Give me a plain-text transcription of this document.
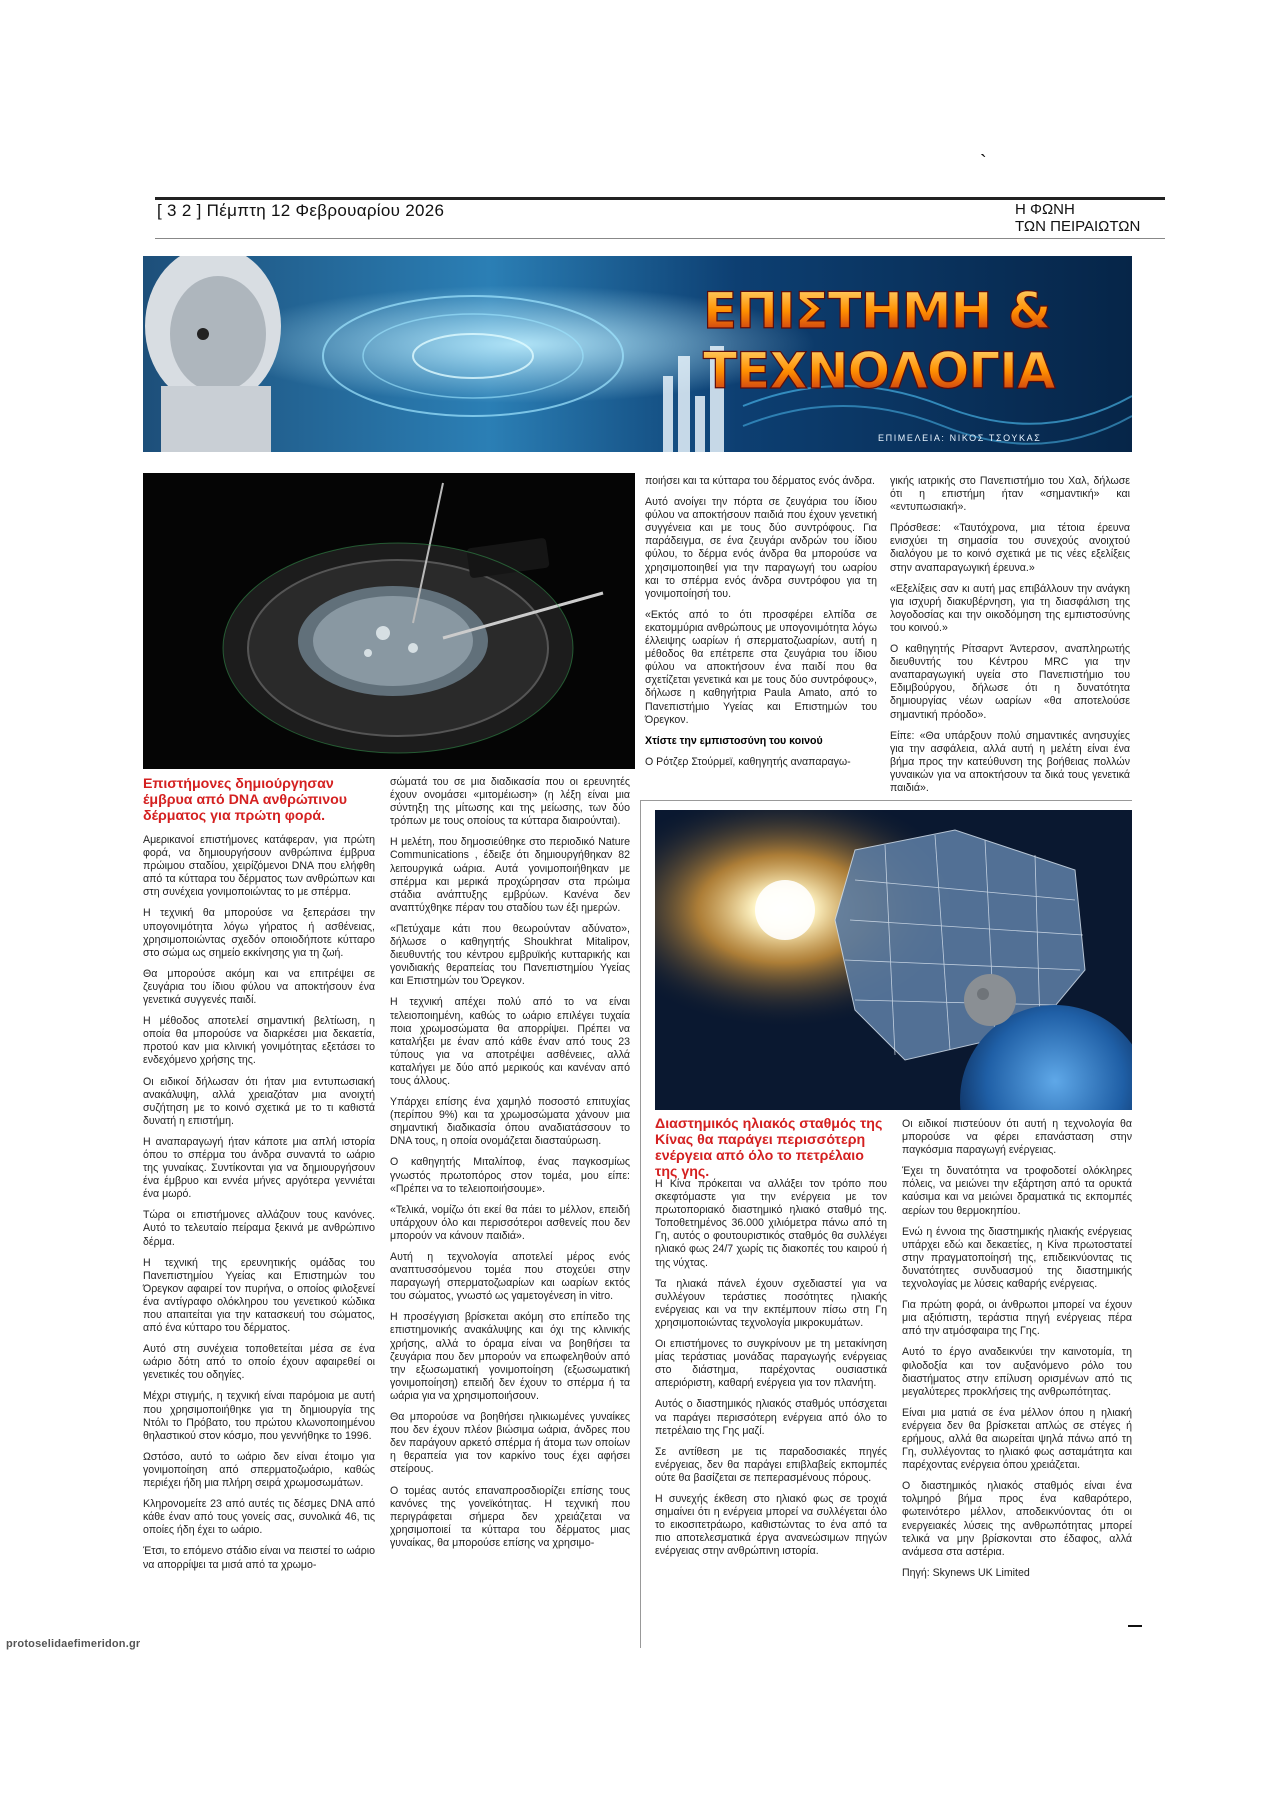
`
[ 3 2 ] Πέμπτη 12 Φεβρουαρίου 2026	Η ΦΩΝΗ
ΤΩΝ ΠΕΙΡΑΙΩΤΩΝ
ΕΠΙΣΤΗΜΗ &
ΤΕΧΝΟΛΟΓΙΑ
ΕΠΙΜΕΛΕΙΑ: ΝΙΚΟΣ ΤΣΟΥΚΑΣ
Επιστήμονες δημιούργησαν έμβρυα από DNA ανθρώπινου δέρματος για πρώτη φορά.

Αμερικανοί επιστήμονες κατάφεραν, για πρώτη φορά, να δημιουργήσουν ανθρώπινα έμβρυα πρώιμου σταδίου, χειρίζόμενοι DNA που ελήφθη από τα κύτταρα του δέρματος των ανθρώπων και στη συνέχεια γονιμοποιώντας το με σπέρμα.

Η τεχνική θα μπορούσε να ξεπεράσει την υπογονιμότητα λόγω γήρατος ή ασθένειας, χρησιμοποιώντας σχεδόν οποιοδήποτε κύτταρο στο σώμα ως σημείο εκκίνησης για τη ζωή.

Θα μπορούσε ακόμη και να επιτρέψει σε ζευγάρια του ίδιου φύλου να αποκτήσουν ένα γενετικά συγγενές παιδί.

Η μέθοδος αποτελεί σημαντική βελτίωση, η οποία θα μπορούσε να διαρκέσει μια δεκαετία, προτού καν μια κλινική γονιμότητας εξετάσει το ενδεχόμενο χρήσης της.

Οι ειδικοί δήλωσαν ότι ήταν μια εντυπωσιακή ανακάλυψη, αλλά χρειαζόταν μια ανοιχτή συζήτηση με το κοινό σχετικά με το τι καθιστά δυνατή η επιστήμη.

Η αναπαραγωγή ήταν κάποτε μια απλή ιστορία όπου το σπέρμα του άνδρα συναντά το ωάριο της γυναίκας. Συντίκονται για να δημιουργήσουν ένα έμβρυο και εννέα μήνες αργότερα γεννιέται ένα μωρό.

Τώρα οι επιστήμονες αλλάζουν τους κανόνες. Αυτό το τελευταίο πείραμα ξεκινά με ανθρώπινο δέρμα.

Η τεχνική της ερευνητικής ομάδας του Πανεπιστημίου Υγείας και Επιστημών του Όρεγκον αφαιρεί τον πυρήνα, ο οποίος φιλοξενεί ένα αντίγραφο ολόκληρου του γενετικού κώδικα που απαιτείται για την κατασκευή του σώματος, από ένα κύτταρο του δέρματος.

Αυτό στη συνέχεια τοποθετείται μέσα σε ένα ωάριο δότη από το οποίο έχουν αφαιρεθεί οι γενετικές του οδηγίες.

Μέχρι στιγμής, η τεχνική είναι παρόμοια με αυτή που χρησιμοποιήθηκε για τη δημιουργία της Ντόλι το Πρόβατο, του πρώτου κλωνοποιημένου θηλαστικού στον κόσμο, που γεννήθηκε το 1996.

Ωστόσο, αυτό το ωάριο δεν είναι έτοιμο για γονιμοποίηση από σπερματοζωάριο, καθώς περιέχει ήδη μια πλήρη σειρά χρωμοσωμάτων.

Κληρονομείτε 23 από αυτές τις δέσμες DNA από κάθε έναν από τους γονείς σας, συνολικά 46, τις οποίες ήδη έχει το ωάριο.

Έτσι, το επόμενο στάδιο είναι να πειστεί το ωάριο να απορρίψει τα μισά από τα χρωμο-

σώματά του σε μια διαδικασία που οι ερευνητές έχουν ονομάσει «μιτομέιωση» (η λέξη είναι μια σύντηξη της μίτωσης και της μείωσης, των δύο τρόπων με τους οποίους τα κύτταρα διαιρούνται).

Η μελέτη, που δημοσιεύθηκε στο περιοδικό Nature Communications , έδειξε ότι δημιουργήθηκαν 82 λειτουργικά ωάρια. Αυτά γονιμοποιήθηκαν με σπέρμα και μερικά προχώρησαν στα πρώιμα στάδια ανάπτυξης εμβρύων. Κανένα δεν αναπτύχθηκε πέραν του σταδίου των έξι ημερών.

«Πετύχαμε κάτι που θεωρούνταν αδύνατο», δήλωσε ο καθηγητής Shoukhrat Mitalipov, διευθυντής του κέντρου εμβρυϊκής κυτταρικής και γονιδιακής θεραπείας του Πανεπιστημίου Υγείας και Επιστημών του Όρεγκον.

Η τεχνική απέχει πολύ από το να είναι τελειοποιημένη, καθώς το ωάριο επιλέγει τυχαία ποια χρωμοσώματα θα απορρίψει. Πρέπει να καταλήξει με έναν από κάθε έναν από τους 23 τύπους για να αποτρέψει ασθένειες, αλλά καταλήγει με δύο από μερικούς και κανέναν από τους άλλους.

Υπάρχει επίσης ένα χαμηλό ποσοστό επιτυχίας (περίπου 9%) και τα χρωμοσώματα χάνουν μια σημαντική διαδικασία όπου αναδιατάσσουν το DNA τους, η οποία ονομάζεται διασταύρωση.

Ο καθηγητής Μιταλίποφ, ένας παγκοσμίως γνωστός πρωτοπόρος στον τομέα, μου είπε: «Πρέπει να το τελειοποιήσουμε».

«Τελικά, νομίζω ότι εκεί θα πάει το μέλλον, επειδή υπάρχουν όλο και περισσότεροι ασθενείς που δεν μπορούν να κάνουν παιδιά».

Αυτή η τεχνολογία αποτελεί μέρος ενός αναπτυσσόμενου τομέα που στοχεύει στην παραγωγή σπερματοζωαρίων και ωαρίων εκτός του σώματος, γνωστό ως γαμετογένεση in vitro.

Η προσέγγιση βρίσκεται ακόμη στο επίπεδο της επιστημονικής ανακάλυψης και όχι της κλινικής χρήσης, αλλά το όραμα είναι να βοηθήσει τα ζευγάρια που δεν μπορούν να επωφεληθούν από την εξωσωματική γονιμοποίηση (εξωσωματική γονιμοποίηση) επειδή δεν έχουν το σπέρμα ή τα ωάρια για να χρησιμοποιήσουν.

Θα μπορούσε να βοηθήσει ηλικιωμένες γυναίκες που δεν έχουν πλέον βιώσιμα ωάρια, άνδρες που δεν παράγουν αρκετό σπέρμα ή άτομα των οποίων η θεραπεία για τον καρκίνο τους έχει αφήσει στείρους.

Ο τομέας αυτός επαναπροσδιορίζει επίσης τους κανόνες της γονεϊκότητας. Η τεχνική που περιγράφεται σήμερα δεν χρειάζεται να χρησιμοποιεί τα κύτταρα του δέρματος μιας γυναίκας, θα μπορούσε επίσης να χρησιμο-

ποιήσει και τα κύτταρα του δέρματος ενός άνδρα.

Αυτό ανοίγει την πόρτα σε ζευγάρια του ίδιου φύλου να αποκτήσουν παιδιά που έχουν γενετική συγγένεια και με τους δύο συντρόφους. Για παράδειγμα, σε ένα ζευγάρι ανδρών του ίδιου φύλου, το δέρμα ενός άνδρα θα μπορούσε να χρησιμοποιηθεί για την παραγωγή του ωαρίου και το σπέρμα ενός άνδρα συντρόφου για τη γονιμοποίησή του.

«Εκτός από το ότι προσφέρει ελπίδα σε εκατομμύρια ανθρώπους με υπογονιμότητα λόγω έλλειψης ωαρίων ή σπερματοζωαρίων, αυτή η μέθοδος θα επέτρεπε στα ζευγάρια του ίδιου φύλου να αποκτήσουν ένα παιδί που θα σχετίζεται γενετικά και με τους δύο συντρόφους», δήλωσε η καθηγήτρια Paula Amato, από το Πανεπιστήμιο Υγείας και Επιστημών του Όρεγκον.

Χτίστε την εμπιστοσύνη του κοινού

Ο Ρότζερ Στούρμεϊ, καθηγητής αναπαραγω-

γικής ιατρικής στο Πανεπιστήμιο του Χαλ, δήλωσε ότι η επιστήμη ήταν «σημαντική» και «εντυπωσιακή».

Πρόσθεσε: «Ταυτόχρονα, μια τέτοια έρευνα ενισχύει τη σημασία του συνεχούς ανοιχτού διαλόγου με το κοινό σχετικά με τις νέες εξελίξεις στην αναπαραγωγική έρευνα.»

«Εξελίξεις σαν κι αυτή μας επιβάλλουν την ανάγκη για ισχυρή διακυβέρνηση, για τη διασφάλιση της λογοδοσίας και την οικοδόμηση της εμπιστοσύνης του κοινού.»

Ο καθηγητής Ρίτσαρντ Άντερσον, αναπληρωτής διευθυντής του Κέντρου MRC για την αναπαραγωγική υγεία στο Πανεπιστήμιο του Εδιμβούργου, δήλωσε ότι η δυνατότητα δημιουργίας νέων ωαρίων «θα αποτελούσε σημαντική πρόοδο».

Είπε: «Θα υπάρξουν πολύ σημαντικές ανησυχίες για την ασφάλεια, αλλά αυτή η μελέτη είναι ένα βήμα προς την κατεύθυνση της βοήθειας πολλών γυναικών για να αποκτήσουν τα δικά τους γενετικά παιδιά».

Διαστημικός ηλιακός σταθμός της Κίνας θα παράγει περισσότερη ενέργεια από όλο το πετρέλαιο της γης.

Η Κίνα πρόκειται να αλλάξει τον τρόπο που σκεφτόμαστε για την ενέργεια με τον πρωτοποριακό διαστημικό ηλιακό σταθμό της. Τοποθετημένος 36.000 χιλιόμετρα πάνω από τη Γη, αυτός ο φουτουριστικός σταθμός θα συλλέγει ηλιακό φως 24/7 χωρίς τις διακοπές του καιρού ή της νύχτας.

Τα ηλιακά πάνελ έχουν σχεδιαστεί για να συλλέγουν τεράστιες ποσότητες ηλιακής ενέργειας και να την εκπέμπουν πίσω στη Γη χρησιμοποιώντας τεχνολογία μικροκυμάτων.

Οι επιστήμονες το συγκρίνουν με τη μετακίνηση μίας τεράστιας μονάδας παραγωγής ενέργειας στο διάστημα, παρέχοντας ουσιαστικά απεριόριστη, καθαρή ενέργεια για τον πλανήτη.

Αυτός ο διαστημικός ηλιακός σταθμός υπόσχεται να παράγει περισσότερη ενέργεια από όλο το πετρέλαιο της Γης μαζί.

Σε αντίθεση με τις παραδοσιακές πηγές ενέργειας, δεν θα παράγει επιβλαβείς εκπομπές ούτε θα βασίζεται σε πεπερασμένους πόρους.

Η συνεχής έκθεση στο ηλιακό φως σε τροχιά σημαίνει ότι η ενέργεια μπορεί να συλλέγεται όλο το εικοσιτετράωρο, καθιστώντας το ένα από τα πιο αποτελεσματικά έργα ανανεώσιμων πηγών ενέργειας στην ανθρώπινη ιστορία.

Οι ειδικοί πιστεύουν ότι αυτή η τεχνολογία θα μπορούσε να φέρει επανάσταση στην παγκόσμια παραγωγή ενέργειας.

Έχει τη δυνατότητα να τροφοδοτεί ολόκληρες πόλεις, να μειώνει την εξάρτηση από τα ορυκτά καύσιμα και να μειώνει δραματικά τις εκπομπές αερίων του θερμοκηπίου.

Ενώ η έννοια της διαστημικής ηλιακής ενέργειας υπάρχει εδώ και δεκαετίες, η Κίνα πρωτοστατεί στην πραγματοποίησή της, επιδεικνύοντας τις δυνατότητες συνδυασμού της διαστημικής τεχνολογίας με λύσεις καθαρής ενέργειας.

Για πρώτη φορά, οι άνθρωποι μπορεί να έχουν μια αξιόπιστη, τεράστια πηγή ενέργειας πέρα από την ατμόσφαιρα της Γης.

Αυτό το έργο αναδεικνύει την καινοτομία, τη φιλοδοξία και τον αυξανόμενο ρόλο του διαστήματος στην επίλυση ορισμένων από τις μεγαλύτερες προκλήσεις της ανθρωπότητας.

Είναι μια ματιά σε ένα μέλλον όπου η ηλιακή ενέργεια δεν θα βρίσκεται απλώς σε στέγες ή ερήμους, αλλά θα αιωρείται ψηλά πάνω από τη Γη, συλλέγοντας το ηλιακό φως ασταμάτητα και παρέχοντας ενέργεια όπου χρειάζεται.

Ο διαστημικός ηλιακός σταθμός είναι ένα τολμηρό βήμα προς ένα καθαρότερο, φωτεινότερο μέλλον, αποδεικνύοντας ότι οι ενεργειακές λύσεις της ανθρωπότητας μπορεί τελικά να μην βρίσκονται στο έδαφος, αλλά ανάμεσα στα αστέρια.

Πηγή: Skynews UK Limited

protoselidaefimeridon.gr
